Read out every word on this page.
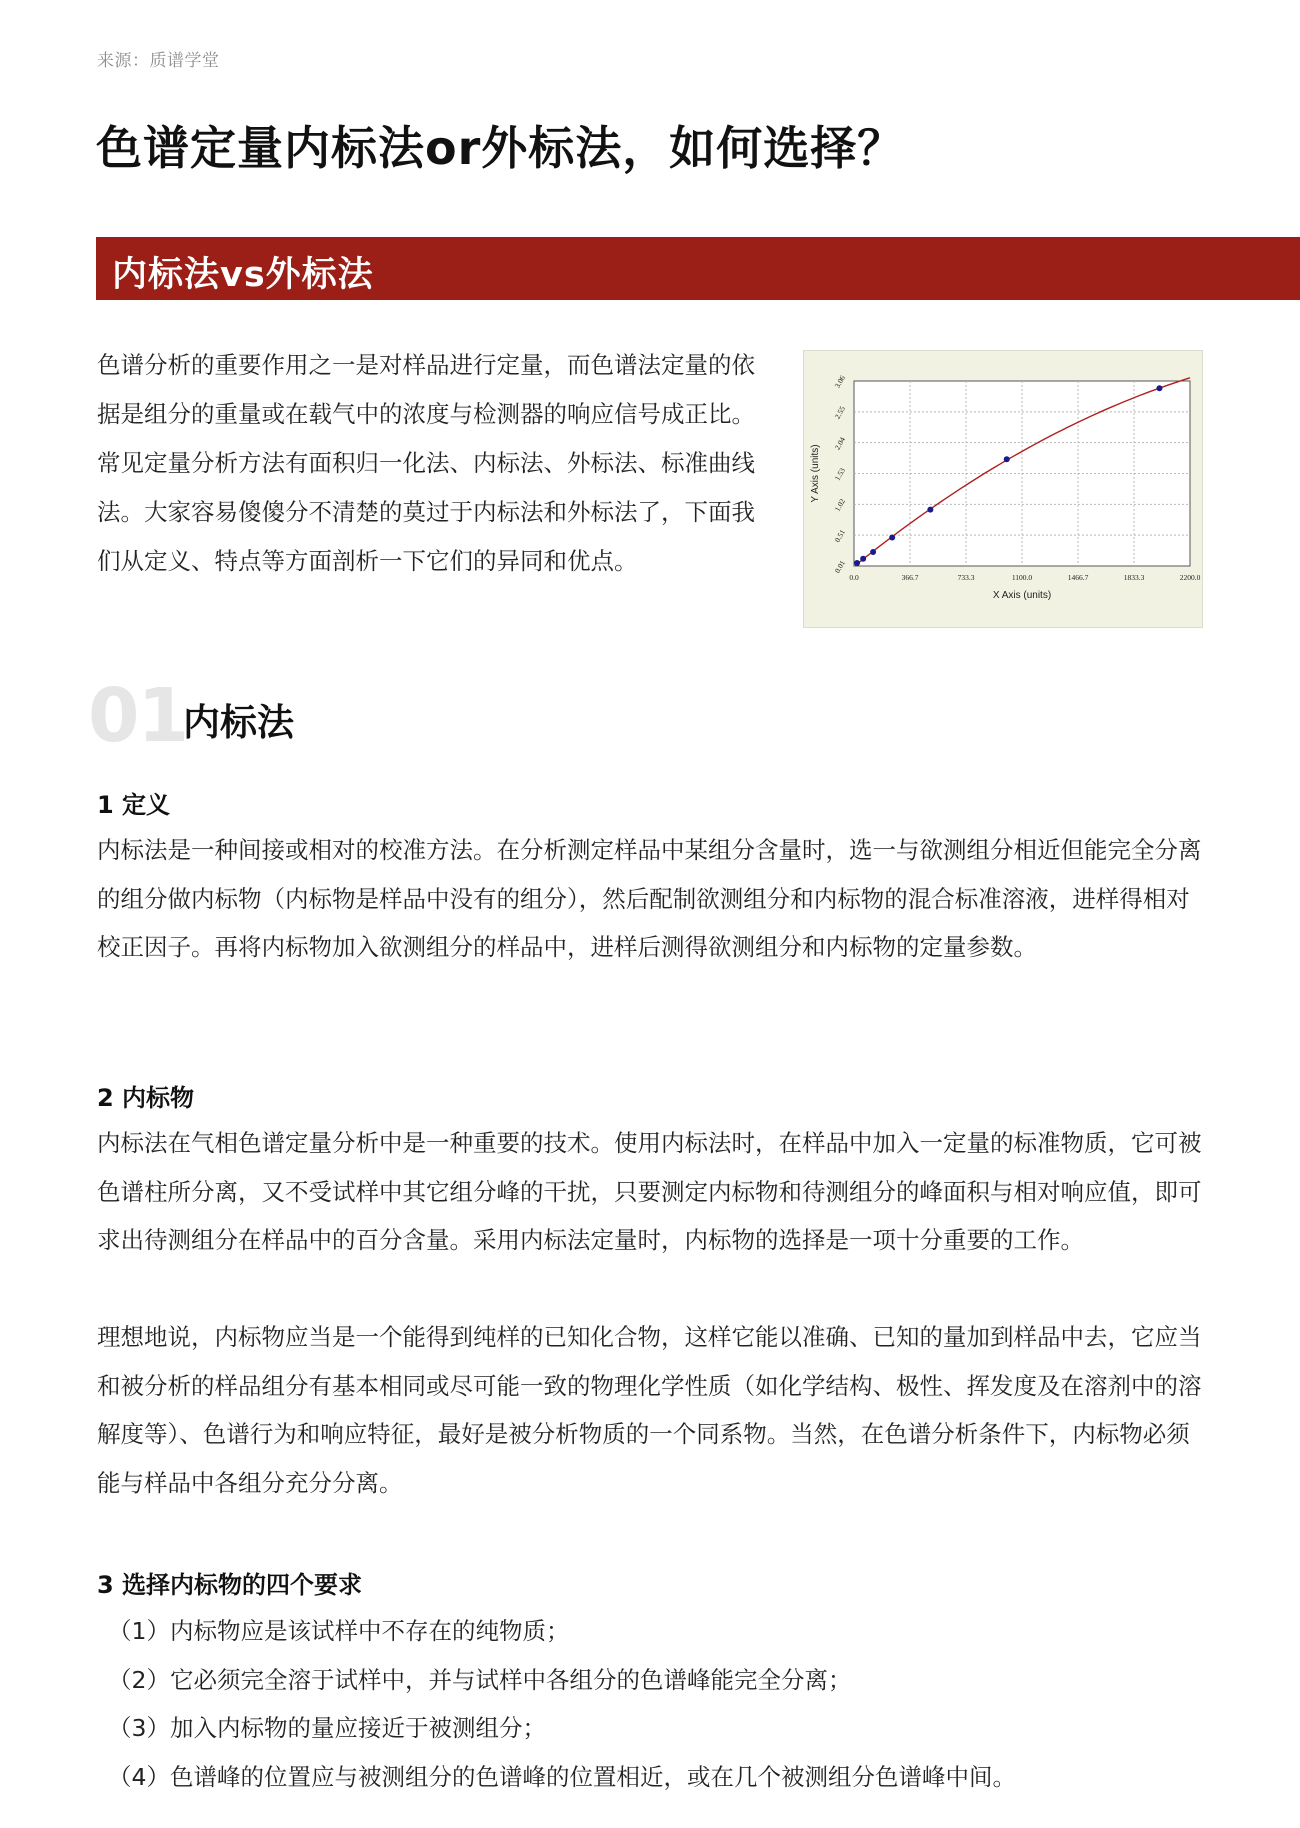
来源：质谱学堂
色谱定量内标法or外标法，如何选择？
内标法vs外标法

色谱分析的重要作用之一是对样品进行定量，而色谱法定量的依据是组分的重量或在载气中的浓度与检测器的响应信号成正比。常见定量分析方法有面积归一化法、内标法、外标法、标准曲线法。大家容易傻傻分不清楚的莫过于内标法和外标法了，下面我们从定义、特点等方面剖析一下它们的异同和优点。

0.0	366.7	733.3	1100.0	1466.7	1833.3	2200.0
0.01
0.51
1.02
1.53
2.04
2.55
3.06
X Axis (units)
Y Axis (units)
01
内标法
1 定义

内标法是一种间接或相对的校准方法。在分析测定样品中某组分含量时，选一与欲测组分相近但能完全分离的组分做内标物（内标物是样品中没有的组分），然后配制欲测组分和内标物的混合标准溶液，进样得相对校正因子。再将内标物加入欲测组分的样品中，进样后测得欲测组分和内标物的定量参数。

2 内标物

内标法在气相色谱定量分析中是一种重要的技术。使用内标法时，在样品中加入一定量的标准物质，它可被色谱柱所分离，又不受试样中其它组分峰的干扰，只要测定内标物和待测组分的峰面积与相对响应值，即可求出待测组分在样品中的百分含量。采用内标法定量时，内标物的选择是一项十分重要的工作。

理想地说，内标物应当是一个能得到纯样的已知化合物，这样它能以准确、已知的量加到样品中去，它应当和被分析的样品组分有基本相同或尽可能一致的物理化学性质（如化学结构、极性、挥发度及在溶剂中的溶解度等）、色谱行为和响应特征，最好是被分析物质的一个同系物。当然，在色谱分析条件下，内标物必须能与样品中各组分充分分离。

3 选择内标物的四个要求
（1）内标物应是该试样中不存在的纯物质；
（2）它必须完全溶于试样中，并与试样中各组分的色谱峰能完全分离；
（3）加入内标物的量应接近于被测组分；
（4）色谱峰的位置应与被测组分的色谱峰的位置相近，或在几个被测组分色谱峰中间。
